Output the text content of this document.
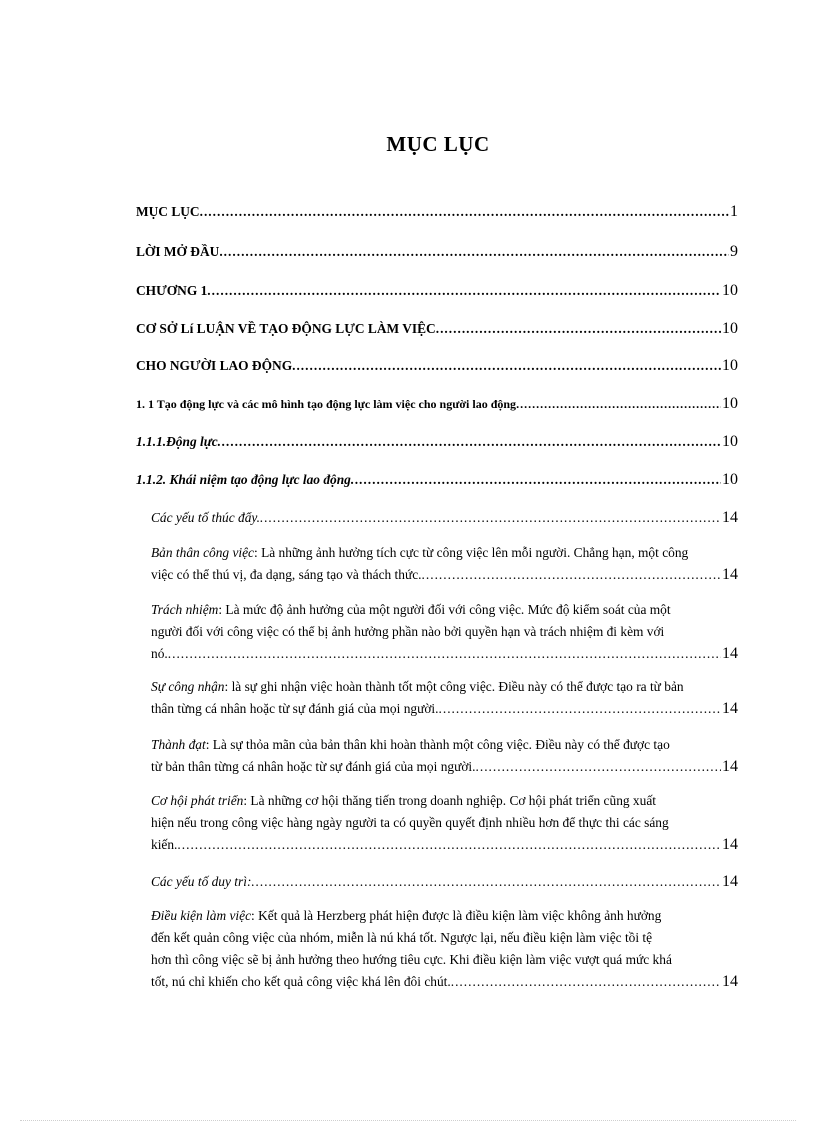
MỤC LỤC
MỤC LỤC .....	1
LỜI MỞ ĐẦU .....	9
CHƯƠNG 1 .....	10
CƠ SỞ Lí LUẬN VỀ TẠO ĐỘNG LỰC LÀM VIỆC .....	10
CHO NGƯỜI LAO ĐỘNG .....	10
1. 1 Tạo động lực và các mô hình tạo động lực làm việc cho người lao động .....	10
1.1.1.Động lực .....	10
1.1.2. Khái niệm tạo động lực lao động .....	10
Các yếu tố thúc đẩy. .....	14
Bản thân công việc: Là những ảnh hưởng tích cực từ công việc lên mỗi người. Chẳng hạn, một công
việc có thể thú vị, đa dạng, sáng tạo và thách thức. .....	14
Trách nhiệm: Là mức độ ảnh hưởng của một người đối với công việc. Mức độ kiểm soát của một
người đối với công việc có thể bị ảnh hưởng phần nào bởi quyền hạn và trách nhiệm đi kèm với
nó. .....	14
Sự công nhận: là sự ghi nhận việc hoàn thành tốt một công việc. Điều này có thể được tạo ra từ bản
thân từng cá nhân hoặc từ sự đánh giá của mọi người. .....	14
Thành đạt: Là sự thỏa mãn của bản thân khi hoàn thành một công việc. Điều này có thể được tạo
từ bản thân từng cá nhân hoặc từ sự đánh giá của mọi người. .....	14
Cơ hội phát triển: Là những cơ hội thăng tiến trong doanh nghiệp. Cơ hội phát triển cũng xuất
hiện nếu trong công việc hàng ngày người ta có quyền quyết định nhiều hơn để thực thi các sáng
kiến. .....	14
Các yếu tố duy trì: .....	14
Điều kiện làm việc: Kết quả là Herzberg phát hiện được là điều kiện làm việc không ảnh hưởng
đến kết quản công việc của nhóm, miễn là nú khá tốt. Ngược lại, nếu điều kiện làm việc tồi tệ
hơn thì công việc sẽ bị ảnh hưởng theo hướng tiêu cực. Khi điều kiện làm việc vượt quá mức khá
tốt, nú chỉ khiến cho kết quả công việc khá lên đôi chút. .....	14
